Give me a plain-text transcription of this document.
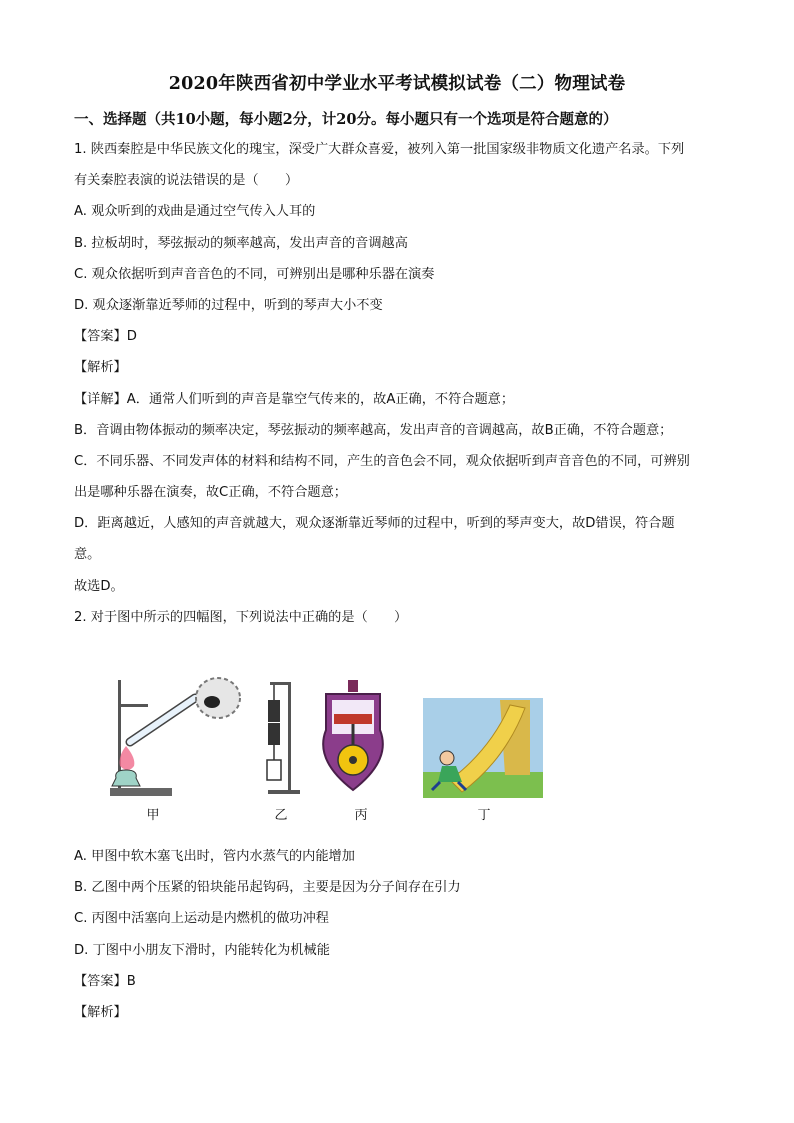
2020年陕西省初中学业水平考试模拟试卷（二）物理试卷
一、选择题（共10小题，每小题2分，计20分。每小题只有一个选项是符合题意的）
1. 陕西秦腔是中华民族文化的瑰宝，深受广大群众喜爱，被列入第一批国家级非物质文化遗产名录。下列
有关秦腔表演的说法错误的是（　　）
A. 观众听到的戏曲是通过空气传入人耳的
B. 拉板胡时，琴弦振动的频率越高，发出声音的音调越高
C. 观众依据听到声音音色的不同，可辨别出是哪种乐器在演奏
D. 观众逐渐靠近琴师的过程中，听到的琴声大小不变
【答案】D
【解析】
【详解】A．通常人们听到的声音是靠空气传来的，故A正确，不符合题意；
B．音调由物体振动的频率决定，琴弦振动的频率越高，发出声音的音调越高，故B正确，不符合题意；
C．不同乐器、不同发声体的材料和结构不同，产生的音色会不同，观众依据听到声音音色的不同，可辨别
出是哪种乐器在演奏，故C正确，不符合题意；
D．距离越近，人感知的声音就越大，观众逐渐靠近琴师的过程中，听到的琴声变大，故D错误，符合题
意。
故选D。
2. 对于图中所示的四幅图，下列说法中正确的是（　　）
甲	乙	丙	丁
A. 甲图中软木塞飞出时，管内水蒸气的内能增加
B. 乙图中两个压紧的铅块能吊起钩码，主要是因为分子间存在引力
C. 丙图中活塞向上运动是内燃机的做功冲程
D. 丁图中小朋友下滑时，内能转化为机械能
【答案】B
【解析】
